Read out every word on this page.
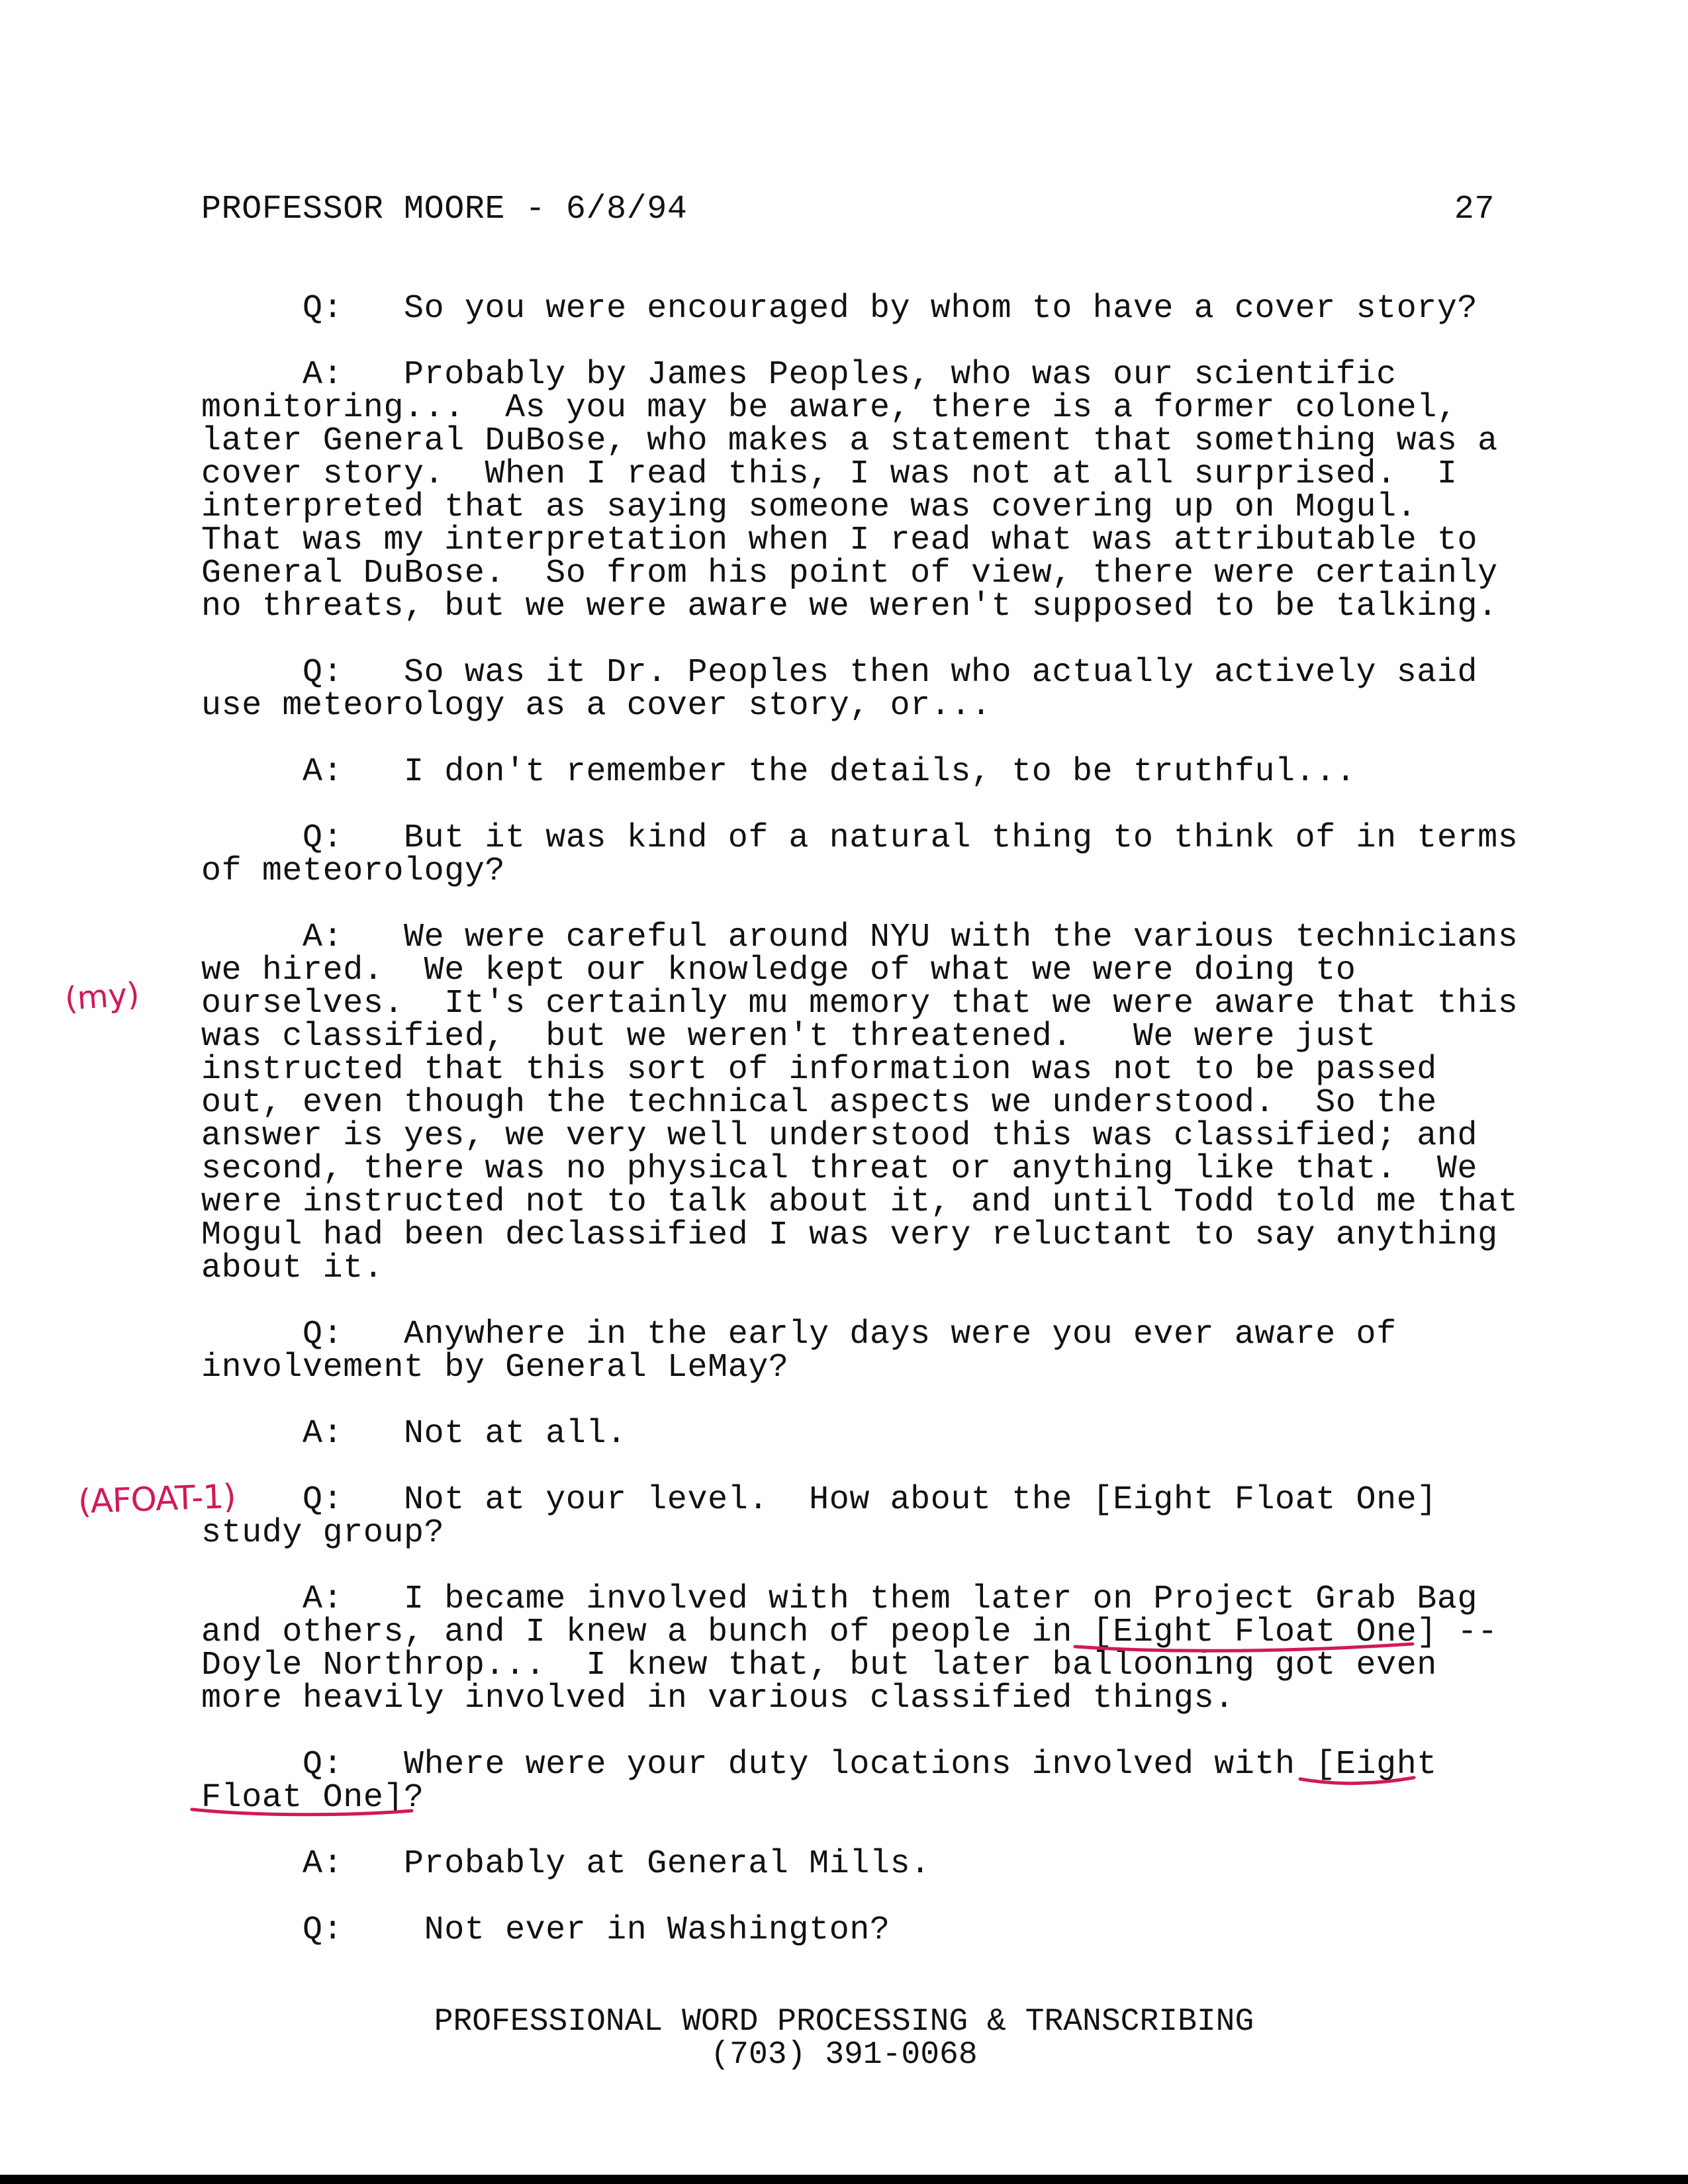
PROFESSOR MOORE - 6/8/94	27
Q:   So you were encouraged by whom to have a cover story?
A:   Probably by James Peoples, who was our scientific
monitoring...  As you may be aware, there is a former colonel,
later General DuBose, who makes a statement that something was a
cover story.  When I read this, I was not at all surprised.  I
interpreted that as saying someone was covering up on Mogul.
That was my interpretation when I read what was attributable to
General DuBose.  So from his point of view, there were certainly
no threats, but we were aware we weren't supposed to be talking.
Q:   So was it Dr. Peoples then who actually actively said
use meteorology as a cover story, or...
A:   I don't remember the details, to be truthful...
Q:   But it was kind of a natural thing to think of in terms
of meteorology?
A:   We were careful around NYU with the various technicians
we hired.  We kept our knowledge of what we were doing to
ourselves.  It's certainly mu memory that we were aware that this
was classified,  but we weren't threatened.   We were just
instructed that this sort of information was not to be passed
out, even though the technical aspects we understood.  So the
answer is yes, we very well understood this was classified; and
second, there was no physical threat or anything like that.  We
were instructed not to talk about it, and until Todd told me that
Mogul had been declassified I was very reluctant to say anything
about it.
Q:   Anywhere in the early days were you ever aware of
involvement by General LeMay?
A:   Not at all.
Q:   Not at your level.  How about the [Eight Float One]
study group?
A:   I became involved with them later on Project Grab Bag
and others, and I knew a bunch of people in [Eight Float One] --
Doyle Northrop...  I knew that, but later ballooning got even
more heavily involved in various classified things.
Q:   Where were your duty locations involved with [Eight
Float One]?
A:   Probably at General Mills.
Q:    Not ever in Washington?
(my)
(AFOAT-1)
PROFESSIONAL WORD PROCESSING & TRANSCRIBING
(703) 391-0068
